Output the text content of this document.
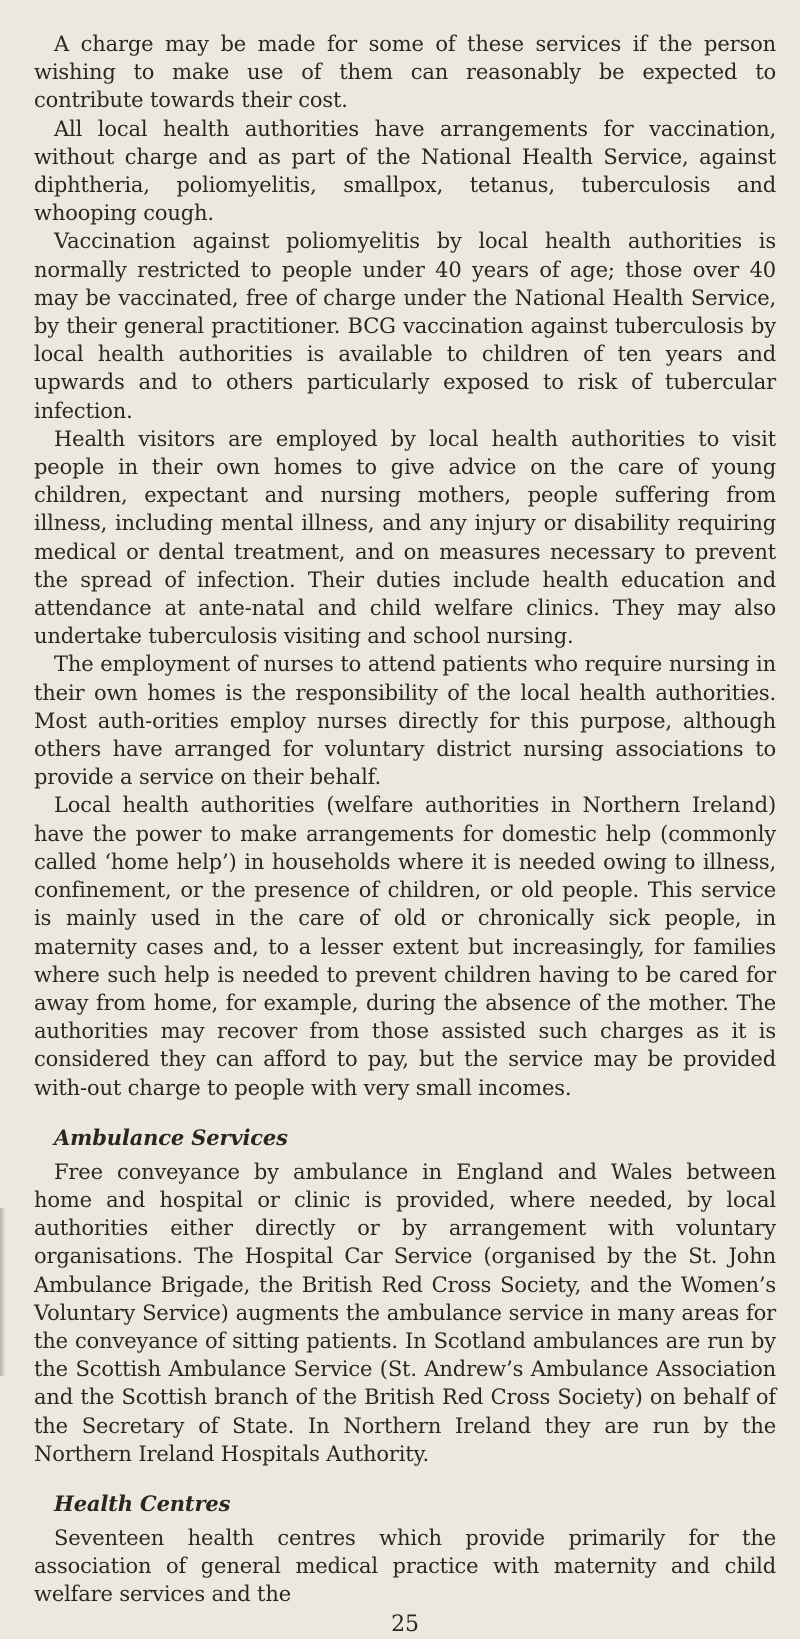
A charge may be made for some of these services if the person wishing to make use of them can reasonably be expected to contribute towards their cost.

All local health authorities have arrangements for vaccination, without charge and as part of the National Health Service, against diphtheria, poliomyelitis, smallpox, tetanus, tuberculosis and whooping cough.

Vaccination against poliomyelitis by local health authorities is normally restricted to people under 40 years of age; those over 40 may be vaccinated, free of charge under the National Health Service, by their general practitioner. BCG vaccination against tuberculosis by local health authorities is available to children of ten years and upwards and to others particularly exposed to risk of tubercular infection.

Health visitors are employed by local health authorities to visit people in their own homes to give advice on the care of young children, expectant and nursing mothers, people suffering from illness, including mental illness, and any injury or disability requiring medical or dental treatment, and on measures necessary to prevent the spread of infection. Their duties include health education and attendance at ante-natal and child welfare clinics. They may also undertake tuberculosis visiting and school nursing.

The employment of nurses to attend patients who require nursing in their own homes is the responsibility of the local health authorities. Most auth-orities employ nurses directly for this purpose, although others have arranged for voluntary district nursing associations to provide a service on their behalf.

Local health authorities (welfare authorities in Northern Ireland) have the power to make arrangements for domestic help (commonly called ‘home help’) in households where it is needed owing to illness, confinement, or the presence of children, or old people. This service is mainly used in the care of old or chronically sick people, in maternity cases and, to a lesser extent but increasingly, for families where such help is needed to prevent children having to be cared for away from home, for example, during the absence of the mother. The authorities may recover from those assisted such charges as it is considered they can afford to pay, but the service may be provided with-out charge to people with very small incomes.

Ambulance Services

Free conveyance by ambulance in England and Wales between home and hospital or clinic is provided, where needed, by local authorities either directly or by arrangement with voluntary organisations. The Hospital Car Service (organised by the St. John Ambulance Brigade, the British Red Cross Society, and the Women’s Voluntary Service) augments the ambulance service in many areas for the conveyance of sitting patients. In Scotland ambulances are run by the Scottish Ambulance Service (St. Andrew’s Ambulance Association and the Scottish branch of the British Red Cross Society) on behalf of the Secretary of State. In Northern Ireland they are run by the Northern Ireland Hospitals Authority.

Health Centres

Seventeen health centres which provide primarily for the association of general medical practice with maternity and child welfare services and the

25
